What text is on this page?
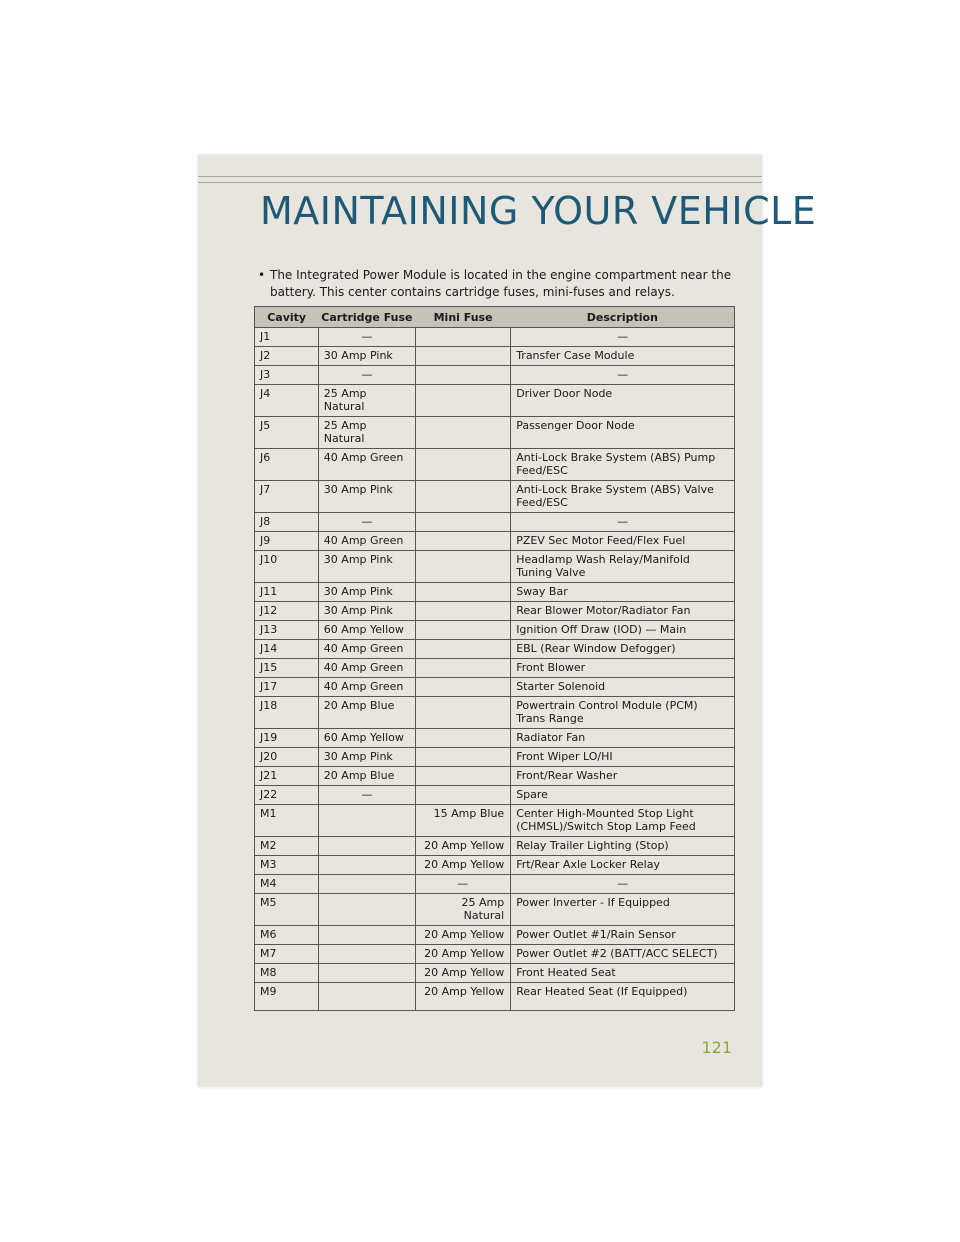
MAINTAINING YOUR VEHICLE
• The Integrated Power Module is located in the engine compartment near the battery. This center contains cartridge fuses, mini-fuses and relays.
Cavity	Cartridge Fuse	Mini Fuse	Description
J1	—		—
J2	30 Amp Pink		Transfer Case Module
J3	—		—
J4	25 Amp Natural		Driver Door Node
J5	25 Amp Natural		Passenger Door Node
J6	40 Amp Green		Anti-Lock Brake System (ABS) Pump Feed/ESC
J7	30 Amp Pink		Anti-Lock Brake System (ABS) Valve Feed/ESC
J8	—		—
J9	40 Amp Green		PZEV Sec Motor Feed/Flex Fuel
J10	30 Amp Pink		Headlamp Wash Relay/Manifold Tuning Valve
J11	30 Amp Pink		Sway Bar
J12	30 Amp Pink		Rear Blower Motor/Radiator Fan
J13	60 Amp Yellow		Ignition Off Draw (IOD) — Main
J14	40 Amp Green		EBL (Rear Window Defogger)
J15	40 Amp Green		Front Blower
J17	40 Amp Green		Starter Solenoid
J18	20 Amp Blue		Powertrain Control Module (PCM) Trans Range
J19	60 Amp Yellow		Radiator Fan
J20	30 Amp Pink		Front Wiper LO/HI
J21	20 Amp Blue		Front/Rear Washer
J22	—		Spare
M1		15 Amp Blue	Center High-Mounted Stop Light (CHMSL)/Switch Stop Lamp Feed
M2		20 Amp Yellow	Relay Trailer Lighting (Stop)
M3		20 Amp Yellow	Frt/Rear Axle Locker Relay
M4		—	—
M5		25 Amp Natural	Power Inverter - If Equipped
M6		20 Amp Yellow	Power Outlet #1/Rain Sensor
M7		20 Amp Yellow	Power Outlet #2 (BATT/ACC SELECT)
M8		20 Amp Yellow	Front Heated Seat
M9		20 Amp Yellow	Rear Heated Seat (If Equipped)
121
